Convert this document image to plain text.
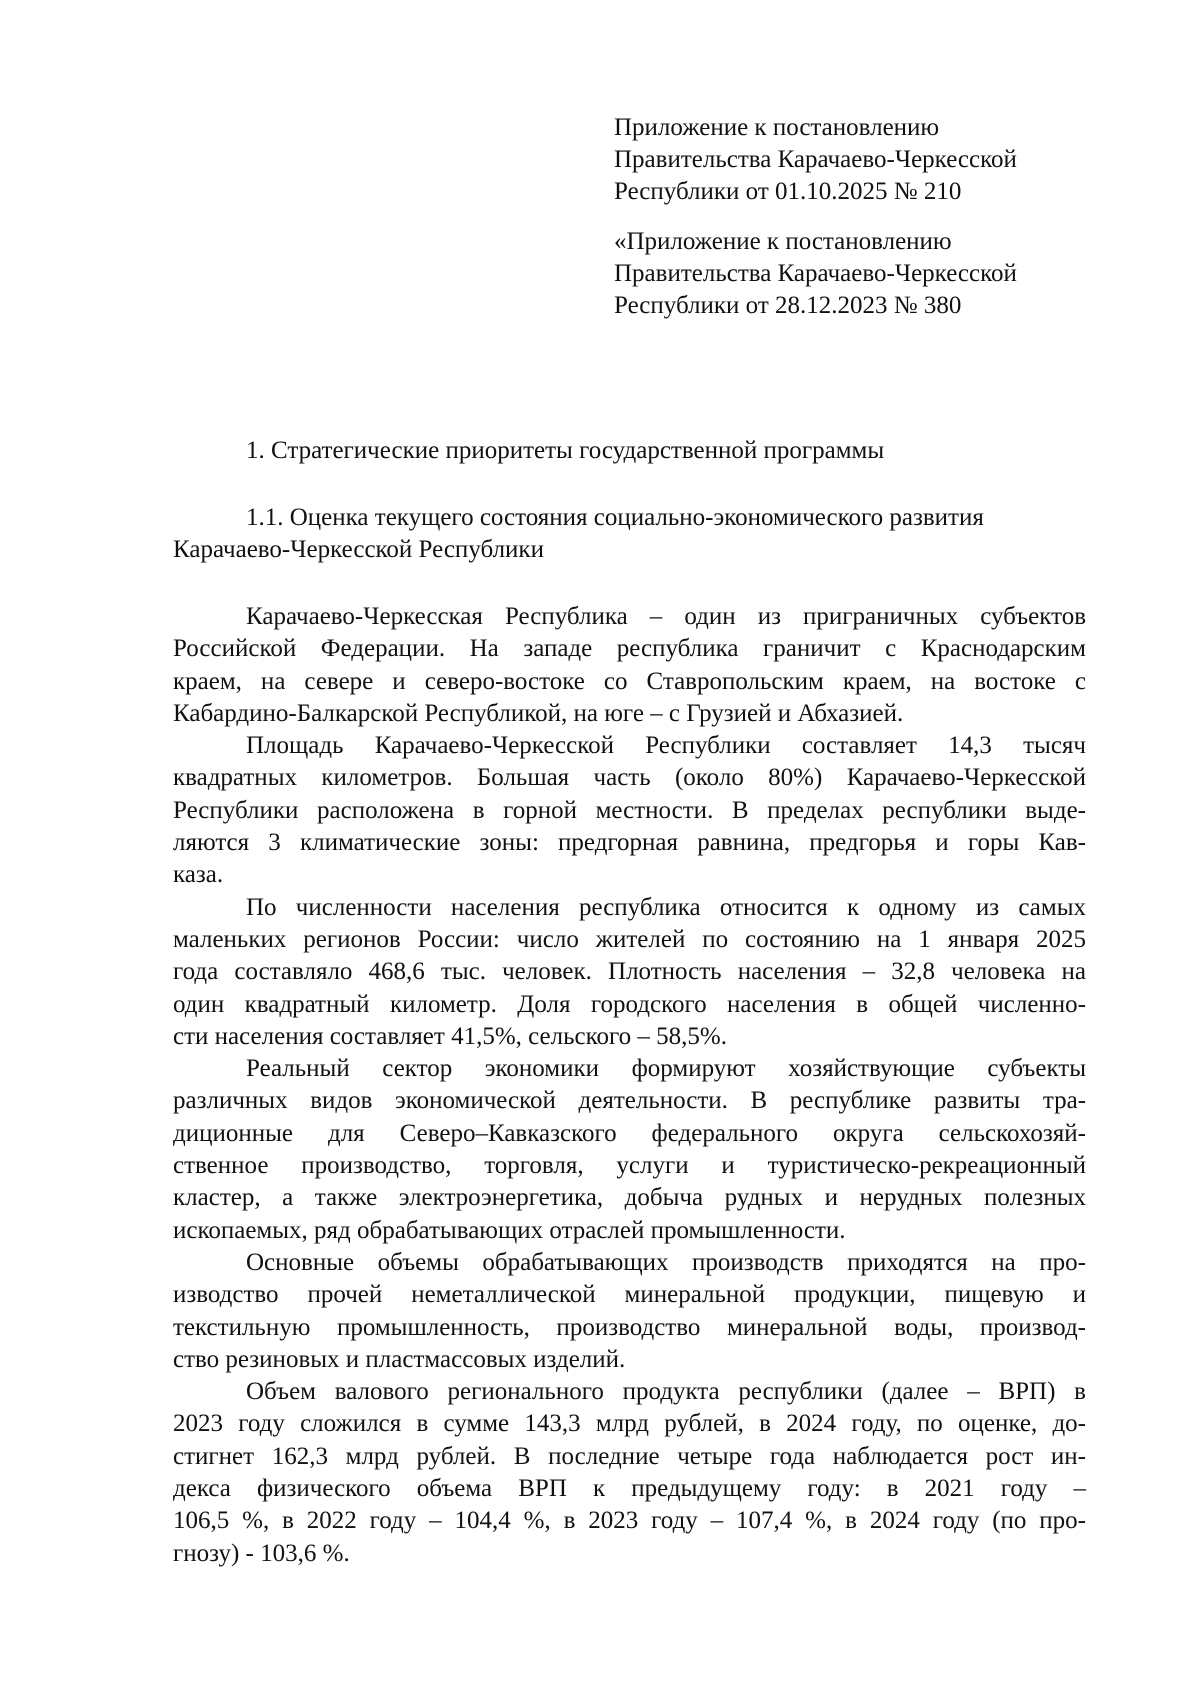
Приложение к постановлению
Правительства Карачаево-Черкесской
Республики от 01.10.2025 № 210
«Приложение к постановлению
Правительства Карачаево-Черкесской
Республики от 28.12.2023 № 380
1. Стратегические приоритеты государственной программы
1.1. Оценка текущего состояния социально-экономического развития
Карачаево-Черкесской Республики
Карачаево-Черкесская Республика – один из приграничных субъектов
Российской Федерации. На западе республика граничит с Краснодарским
краем, на севере и северо-востоке со Ставропольским краем, на востоке с
Кабардино-Балкарской Республикой, на юге – с Грузией и Абхазией.
Площадь Карачаево-Черкесской Республики составляет 14,3 тысяч
квадратных километров. Большая часть (около 80%) Карачаево-Черкесской
Республики расположена в горной местности. В пределах республики выде-
ляются 3 климатические зоны: предгорная равнина, предгорья и горы Кав-
каза.
По численности населения республика относится к одному из самых
маленьких регионов России: число жителей по состоянию на 1 января 2025
года составляло 468,6 тыс. человек. Плотность населения – 32,8 человека на
один квадратный километр. Доля городского населения в общей численно-
сти населения составляет 41,5%, сельского – 58,5%.
Реальный сектор экономики формируют хозяйствующие субъекты
различных видов экономической деятельности. В республике развиты тра-
диционные для Северо–Кавказского федерального округа сельскохозяй-
ственное производство, торговля, услуги и туристическо-рекреационный
кластер, а также электроэнергетика, добыча рудных и нерудных полезных
ископаемых, ряд обрабатывающих отраслей промышленности.
Основные объемы обрабатывающих производств приходятся на про-
изводство прочей неметаллической минеральной продукции, пищевую и
текстильную промышленность, производство минеральной воды, производ-
ство резиновых и пластмассовых изделий.
Объем валового регионального продукта республики (далее – ВРП) в
2023 году сложился в сумме 143,3 млрд рублей, в 2024 году, по оценке, до-
стигнет 162,3 млрд рублей. В последние четыре года наблюдается рост ин-
декса физического объема ВРП к предыдущему году: в 2021 году –
106,5 %, в 2022 году – 104,4 %, в 2023 году – 107,4 %, в 2024 году (по про-
гнозу) - 103,6 %.
